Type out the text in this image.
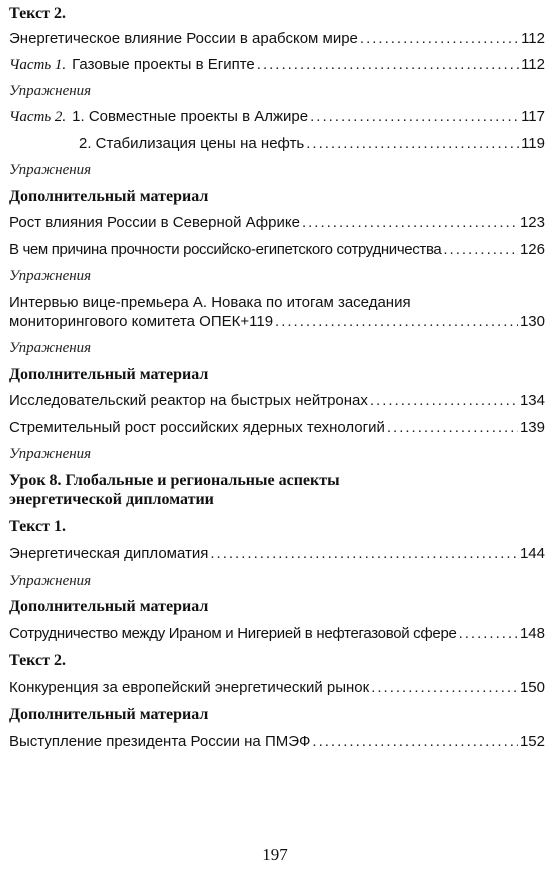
Текст 2.
Энергетическое влияние России в арабском мире .....	112
Часть 1. Газовые проекты в Египте .....	112
Упражнения
Часть 2. 1. Совместные проекты в Алжире .....	117
2. Стабилизация цены на нефть .....	119
Упражнения
Дополнительный материал
Рост влияния России в Северной Африке .....	123
В чем причина прочности российско-египетского сотрудничества .....	126
Упражнения
Интервью вице-премьера А. Новака по итогам заседания
мониторингового комитета ОПЕК+119 .....	130
Упражнения
Дополнительный материал
Исследовательский реактор на быстрых нейтронах .....	134
Стремительный рост российских ядерных технологий .....	139
Упражнения
Урок 8. Глобальные и региональные аспекты
энергетической дипломатии
Текст 1.
Энергетическая дипломатия .....	144
Упражнения
Дополнительный материал
Сотрудничество между Ираном и Нигерией в нефтегазовой сфере .....	148
Текст 2.
Конкуренция за европейский энергетический рынок .....	150
Дополнительный материал
Выступление президента России на ПМЭФ .....	152
197
